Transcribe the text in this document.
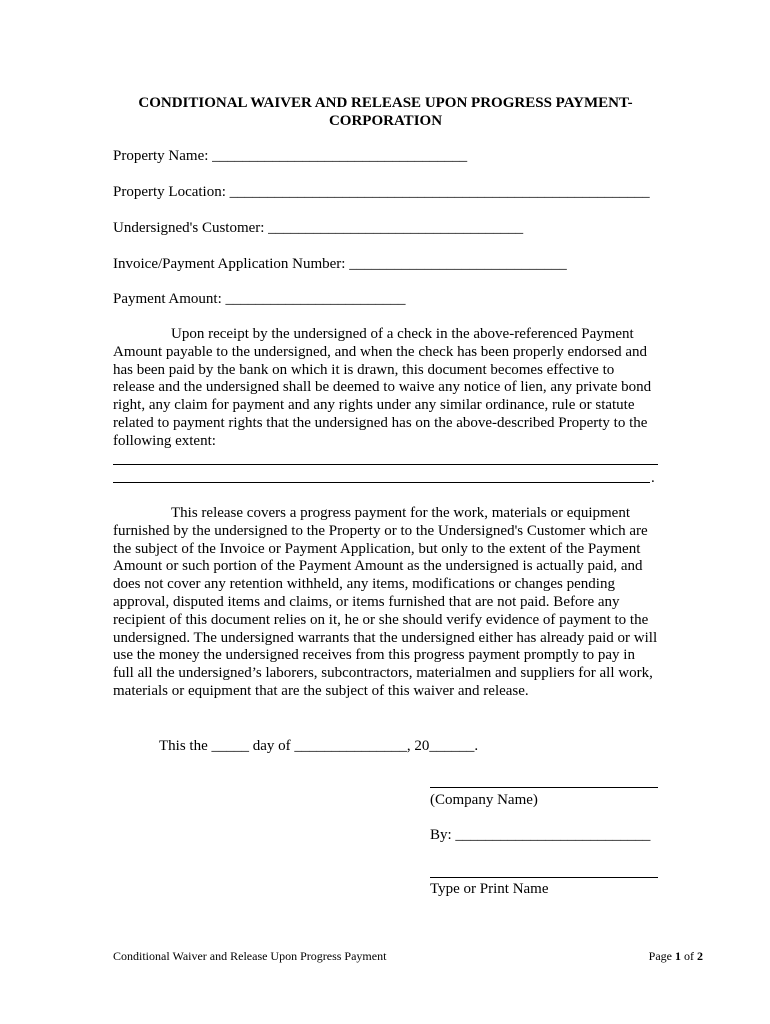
CONDITIONAL WAIVER AND RELEASE UPON PROGRESS PAYMENT-
CORPORATION
Property Name: __________________________________
Property Location: ________________________________________________________
Undersigned's Customer: __________________________________
Invoice/Payment Application Number: _____________________________
Payment Amount: ________________________
Upon receipt by the undersigned of a check in the above-referenced Payment Amount payable to the undersigned, and when the check has been properly endorsed and has been paid by the bank on which it is drawn, this document becomes effective to release and the undersigned shall be deemed to waive any notice of lien, any private bond right, any claim for payment and any rights under any similar ordinance, rule or statute related to payment rights that the undersigned has on the above-described Property to the following extent:
.
This release covers a progress payment for the work, materials or equipment furnished by the undersigned to the Property or to the Undersigned's Customer which are the subject of the Invoice or Payment Application, but only to the extent of the Payment Amount or such portion of the Payment Amount as the undersigned is actually paid, and does not cover any retention withheld, any items, modifications or changes pending approval, disputed items and claims, or items furnished that are not paid. Before any recipient of this document relies on it, he or she should verify evidence of payment to the undersigned. The undersigned warrants that the undersigned either has already paid or will use the money the undersigned receives from this progress payment promptly to pay in full all the undersigned’s laborers, subcontractors, materialmen and suppliers for all work, materials or equipment that are the subject of this waiver and release.
This the _____ day of _______________, 20______.
(Company Name)
By: __________________________
Type or Print Name
Conditional Waiver and Release Upon Progress Payment	Page 1 of 2
